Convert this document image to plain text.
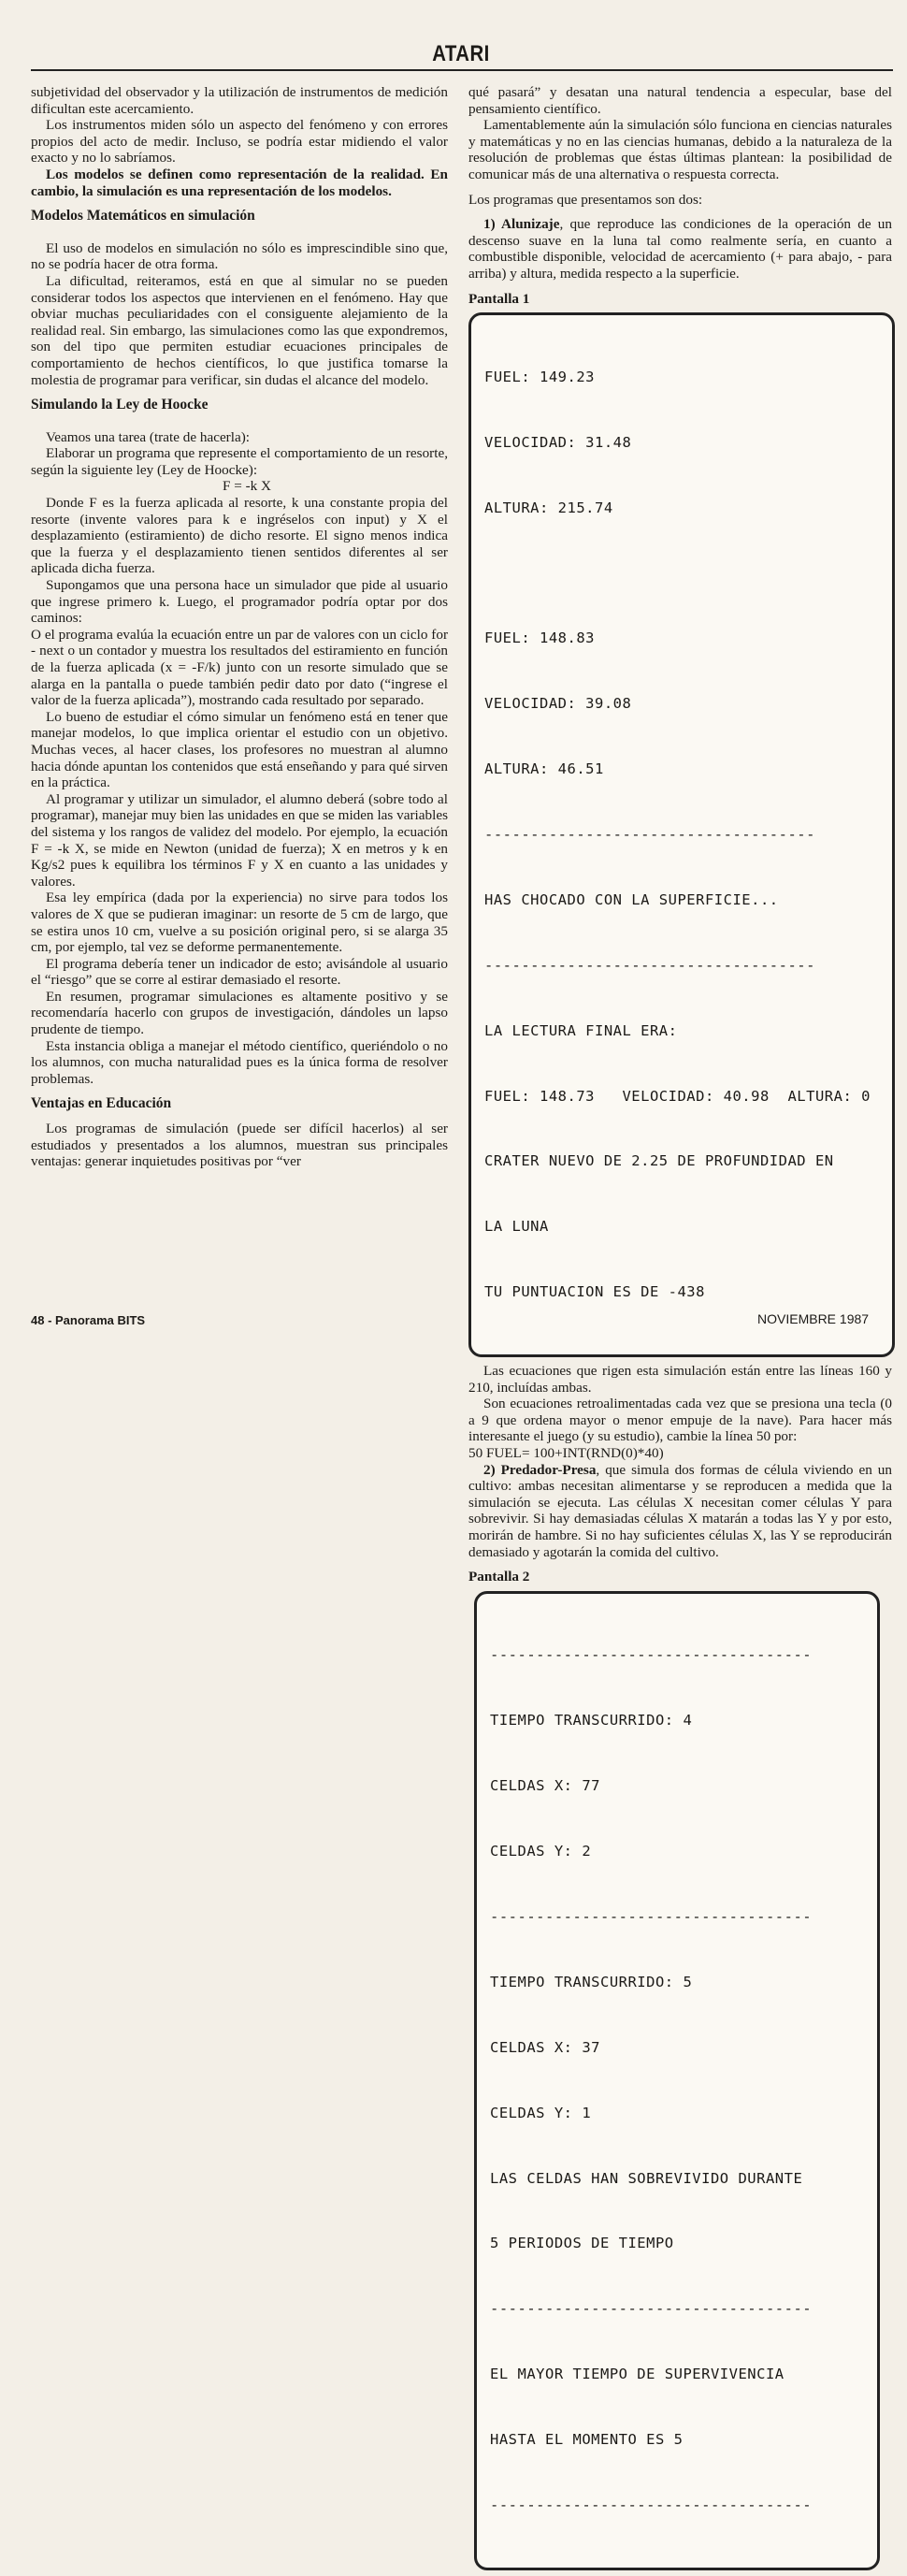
ATARI

subjetividad del observador y la utilización de instrumentos de medición dificultan este acercamiento.

Los instrumentos miden sólo un aspecto del fenómeno y con errores propios del acto de medir. Incluso, se podría estar midiendo el valor exacto y no lo sabríamos.

Los modelos se definen como representación de la realidad. En cambio, la simulación es una representación de los modelos.

Modelos Matemáticos en simulación

El uso de modelos en simulación no sólo es imprescindible sino que, no se podría hacer de otra forma.

La dificultad, reiteramos, está en que al simular no se pueden considerar todos los aspectos que intervienen en el fenómeno. Hay que obviar muchas peculiaridades con el consiguente alejamiento de la realidad real. Sin embargo, las simulaciones como las que expondremos, son del tipo que permiten estudiar ecuaciones principales de comportamiento de hechos científicos, lo que justifica tomarse la molestia de programar para verificar, sin dudas el alcance del modelo.

Simulando la Ley de Hoocke

Veamos una tarea (trate de hacerla):

Elaborar un programa que represente el comportamiento de un resorte, según la siguiente ley (Ley de Hoocke):

F = -k X

Donde F es la fuerza aplicada al resorte, k una constante propia del resorte (invente valores para k e ingréselos con input) y X el desplazamiento (estiramiento) de dicho resorte. El signo menos indica que la fuerza y el desplazamiento tienen sentidos diferentes al ser aplicada dicha fuerza.

Supongamos que una persona hace un simulador que pide al usuario que ingrese primero k. Luego, el programador podría optar por dos caminos:

O el programa evalúa la ecuación entre un par de valores con un ciclo for - next o un contador y muestra los resultados del estiramiento en función de la fuerza aplicada (x = -F/k) junto con un resorte simulado que se alarga en la pantalla o puede también pedir dato por dato (“ingrese el valor de la fuerza aplicada”), mostrando cada resultado por separado.

Lo bueno de estudiar el cómo simular un fenómeno está en tener que manejar modelos, lo que implica orientar el estudio con un objetivo. Muchas veces, al hacer clases, los profesores no muestran al alumno hacia dónde apuntan los contenidos que está enseñando y para qué sirven en la práctica.

Al programar y utilizar un simulador, el alumno deberá (sobre todo al programar), manejar muy bien las unidades en que se miden las variables del sistema y los rangos de validez del modelo. Por ejemplo, la ecuación F = -k X, se mide en Newton (unidad de fuerza); X en metros y k en Kg/s2 pues k equilibra los términos F y X en cuanto a las unidades y valores.

Esa ley empírica (dada por la experiencia) no sirve para todos los valores de X que se pudieran imaginar: un resorte de 5 cm de largo, que se estira unos 10 cm, vuelve a su posición original pero, si se alarga 35 cm, por ejemplo, tal vez se deforme permanentemente.

El programa debería tener un indicador de esto; avisándole al usuario el “riesgo” que se corre al estirar demasiado el resorte.

En resumen, programar simulaciones es altamente positivo y se recomendaría hacerlo con grupos de investigación, dándoles un lapso prudente de tiempo.

Esta instancia obliga a manejar el método científico, queriéndolo o no los alumnos, con mucha naturalidad pues es la única forma de resolver problemas.

Ventajas en Educación

Los programas de simulación (puede ser difícil hacerlos) al ser estudiados y presentados a los alumnos, muestran sus principales ventajas: generar inquietudes positivas por “ver

qué pasará” y desatan una natural tendencia a especular, base del pensamiento científico.

Lamentablemente aún la simulación sólo funciona en ciencias naturales y matemáticas y no en las ciencias humanas, debido a la naturaleza de la resolución de problemas que éstas últimas plantean: la posibilidad de comunicar más de una alternativa o respuesta correcta.

Los programas que presentamos son dos:

1) Alunizaje, que reproduce las condiciones de la operación de un descenso suave en la luna tal como realmente sería, en cuanto a combustible disponible, velocidad de acercamiento (+ para abajo, - para arriba) y altura, medida respecto a la superficie.

Pantalla 1

FUEL: 149.23

VELOCIDAD: 31.48

ALTURA: 215.74

FUEL: 148.83

VELOCIDAD: 39.08

ALTURA: 46.51

------------------------------------

HAS CHOCADO CON LA SUPERFICIE...

------------------------------------

LA LECTURA FINAL ERA:

FUEL: 148.73   VELOCIDAD: 40.98  ALTURA: 0

CRATER NUEVO DE 2.25 DE PROFUNDIDAD EN

LA LUNA

TU PUNTUACION ES DE -438

Las ecuaciones que rigen esta simulación están entre las líneas 160 y 210, incluídas ambas.

Son ecuaciones retroalimentadas cada vez que se presiona una tecla (0 a 9 que ordena mayor o menor empuje de la nave). Para hacer más interesante el juego (y su estudio), cambie la línea 50 por:

50 FUEL= 100+INT(RND(0)*40)

2) Predador-Presa, que simula dos formas de célula viviendo en un cultivo: ambas necesitan alimentarse y se reproducen a medida que la simulación se ejecuta. Las células X necesitan comer células Y para sobrevivir. Si hay demasiadas células X matarán a todas las Y y por esto, morirán de hambre. Si no hay suficientes células X, las Y se reproducirán demasiado y agotarán la comida del cultivo.

Pantalla 2

-----------------------------------

TIEMPO TRANSCURRIDO: 4

CELDAS X: 77

CELDAS Y: 2

-----------------------------------

TIEMPO TRANSCURRIDO: 5

CELDAS X: 37

CELDAS Y: 1

LAS CELDAS HAN SOBREVIVIDO DURANTE

5 PERIODOS DE TIEMPO

-----------------------------------

EL MAYOR TIEMPO DE SUPERVIVENCIA

HASTA EL MOMENTO ES 5

-----------------------------------

48 - Panorama BITS	NOVIEMBRE 1987
